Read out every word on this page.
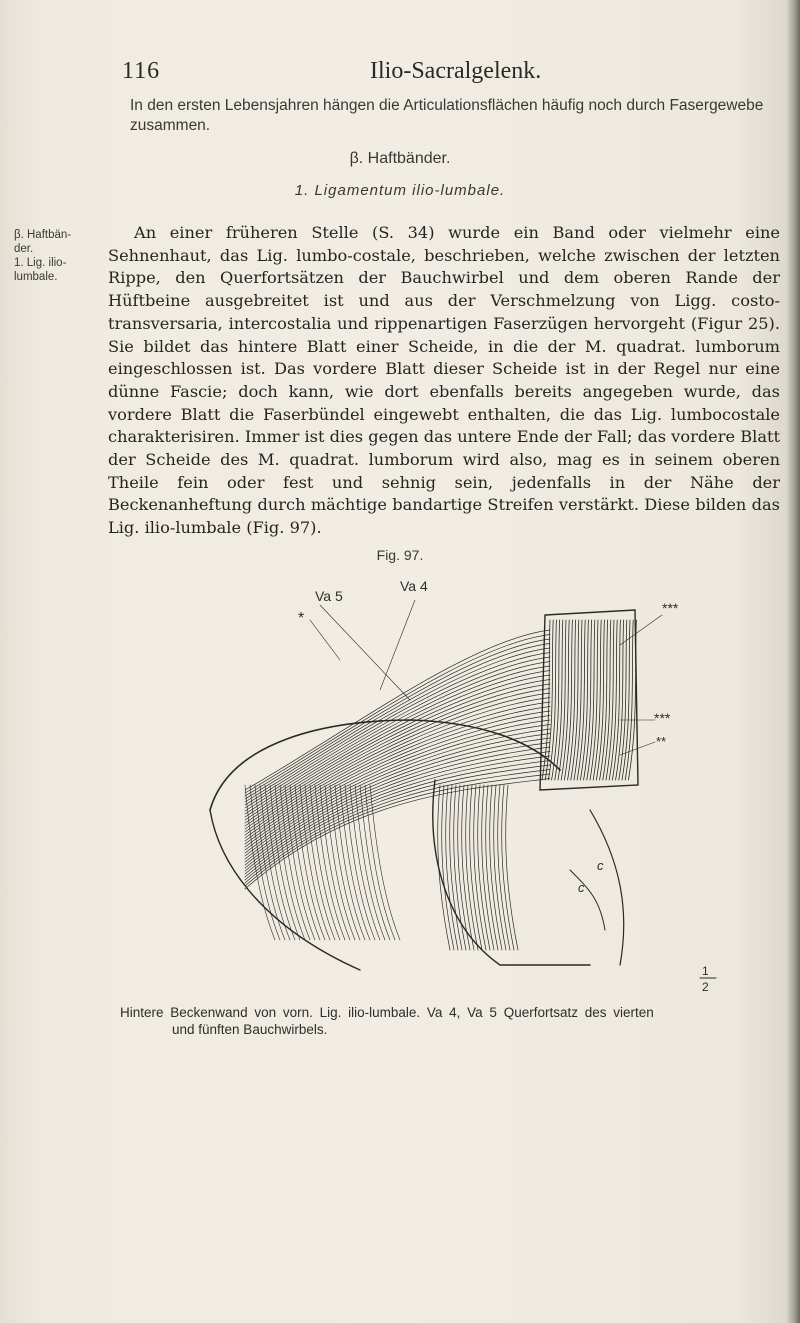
116	Ilio-Sacralgelenk.
In den ersten Lebensjahren hängen die Articulationsflächen häufig noch durch Fasergewebe zusammen.
β. Haftbänder.
1. Ligamentum ilio-lumbale.
β. Haftbän-
der.
1. Lig. ilio-
lumbale.

An einer früheren Stelle (S. 34) wurde ein Band oder vielmehr eine Sehnenhaut, das Lig. lumbo-costale, beschrieben, welche zwischen der letzten Rippe, den Querfortsätzen der Bauchwirbel und dem oberen Rande der Hüftbeine ausgebreitet ist und aus der Verschmelzung von Ligg. costo-transversaria, intercostalia und rippenartigen Faserzügen hervorgeht (Figur 25). Sie bildet das hintere Blatt einer Scheide, in die der M. quadrat. lumborum eingeschlossen ist. Das vordere Blatt dieser Scheide ist in der Regel nur eine dünne Fascie; doch kann, wie dort ebenfalls bereits angegeben wurde, das vordere Blatt die Faserbündel eingewebt enthalten, die das Lig. lumbocostale charakterisiren. Immer ist dies gegen das untere Ende der Fall; das vordere Blatt der Scheide des M. quadrat. lumborum wird also, mag es in seinem oberen Theile fein oder fest und sehnig sein, jedenfalls in der Nähe der Beckenanheftung durch mächtige bandartige Streifen verstärkt. Diese bilden das Lig. ilio-lumbale (Fig. 97).

Fig. 97.
Va 5
Va 4
*
***
***
**
c
c
1
2
Hintere Beckenwand von vorn. Lig. ilio-lumbale. Va 4, Va 5 Querfortsatz des vierten
und fünften Bauchwirbels.
